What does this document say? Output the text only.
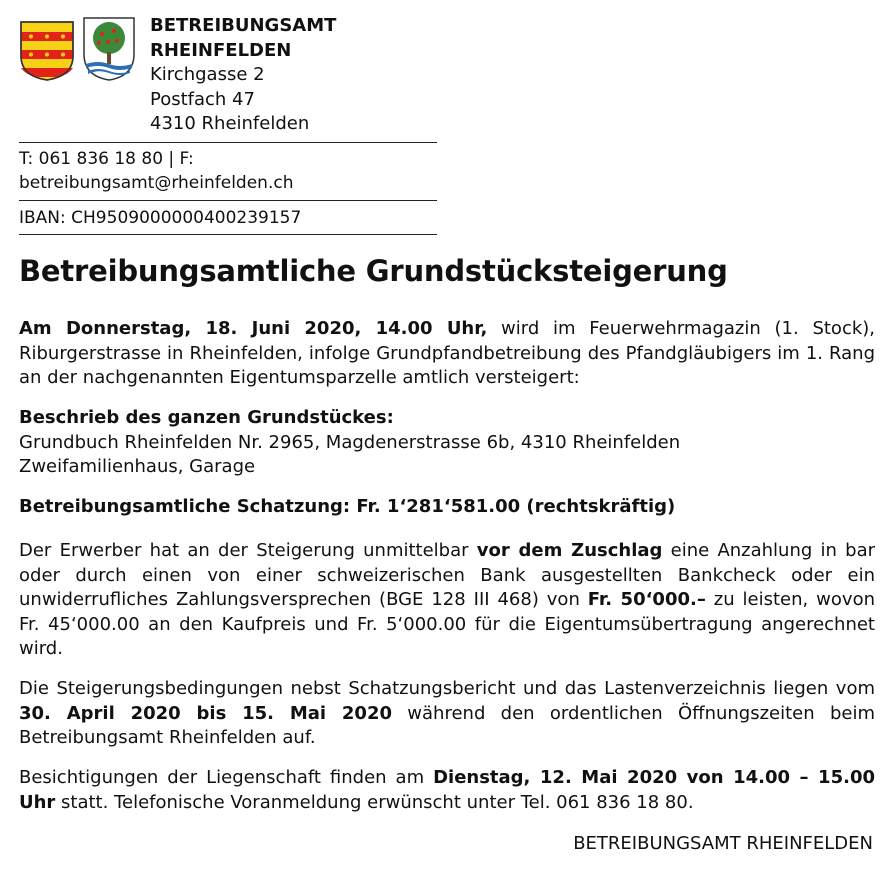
BETREIBUNGSAMT
RHEINFELDEN
Kirchgasse 2
Postfach 47
4310 Rheinfelden
T: 061 836 18 80 | F:
betreibungsamt@rheinfelden.ch
IBAN: CH9509000000400239157
Betreibungsamtliche Grundstücksteigerung

Am Donnerstag, 18. Juni 2020, 14.00 Uhr, wird im Feuerwehrmagazin (1. Stock), Riburgerstrasse in Rheinfelden, infolge Grundpfandbetreibung des Pfandgläubigers im 1. Rang an der nachgenannten Eigentumsparzelle amtlich versteigert:

Beschrieb des ganzen Grundstückes:
Grundbuch Rheinfelden Nr. 2965, Magdenerstrasse 6b, 4310 Rheinfelden
Zweifamilienhaus, Garage
Betreibungsamtliche Schatzung: Fr. 1‘281‘581.00 (rechtskräftig)

Der Erwerber hat an der Steigerung unmittelbar vor dem Zuschlag eine Anzahlung in bar oder durch einen von einer schweizerischen Bank ausgestellten Bankcheck oder ein unwiderrufliches Zahlungsversprechen (BGE 128 III 468) von Fr. 50‘000.– zu leisten, wovon Fr. 45‘000.00 an den Kaufpreis und Fr. 5‘000.00 für die Eigentumsübertragung angerechnet wird.

Die Steigerungsbedingungen nebst Schatzungsbericht und das Lastenverzeichnis liegen vom 30. April 2020 bis 15. Mai 2020 während den ordentlichen Öffnungszeiten beim Betreibungsamt Rheinfelden auf.

Besichtigungen der Liegenschaft finden am Dienstag, 12. Mai 2020 von 14.00 – 15.00 Uhr statt. Telefonische Voranmeldung erwünscht unter Tel. 061 836 18 80.

BETREIBUNGSAMT RHEINFELDEN
